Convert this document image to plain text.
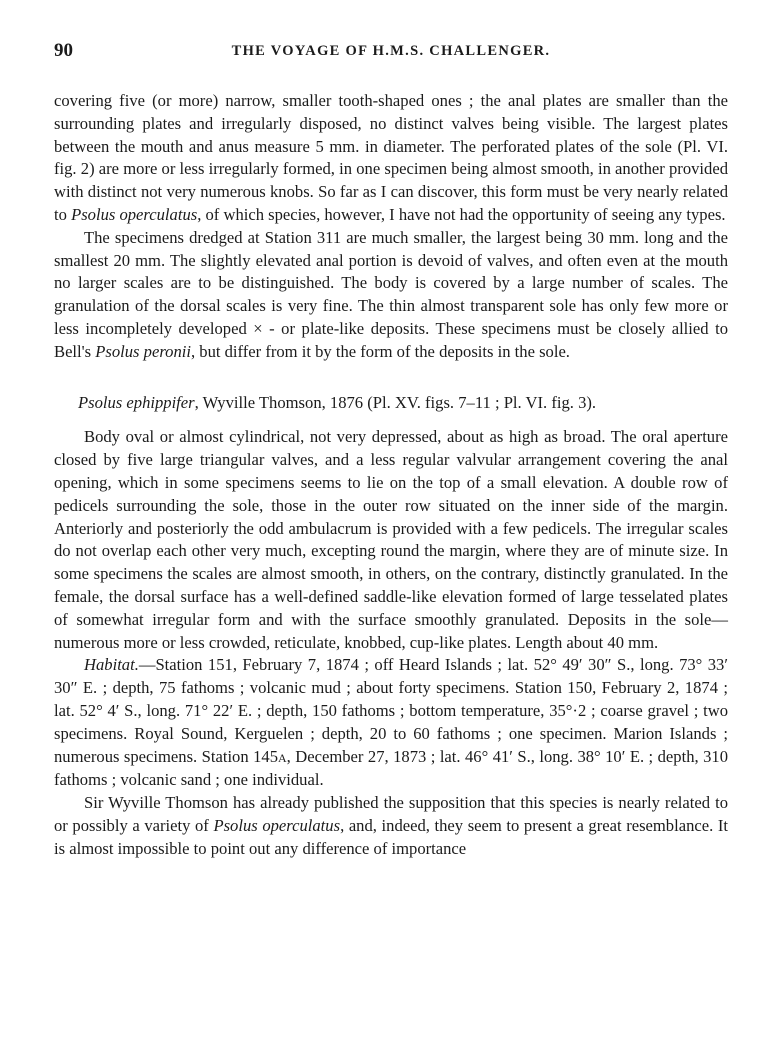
90	THE VOYAGE OF H.M.S. CHALLENGER.

covering five (or more) narrow, smaller tooth-shaped ones ; the anal plates are smaller than the surrounding plates and irregularly disposed, no distinct valves being visible. The largest plates between the mouth and anus measure 5 mm. in diameter. The perforated plates of the sole (Pl. VI. fig. 2) are more or less irregularly formed, in one specimen being almost smooth, in another provided with distinct not very numerous knobs. So far as I can discover, this form must be very nearly related to Psolus operculatus, of which species, however, I have not had the opportunity of seeing any types.

The specimens dredged at Station 311 are much smaller, the largest being 30 mm. long and the smallest 20 mm. The slightly elevated anal portion is devoid of valves, and often even at the mouth no larger scales are to be distinguished. The body is covered by a large number of scales. The granulation of the dorsal scales is very fine. The thin almost transparent sole has only few more or less incompletely developed × - or plate-like deposits. These specimens must be closely allied to Bell's Psolus peronii, but differ from it by the form of the deposits in the sole.

Psolus ephippifer, Wyville Thomson, 1876 (Pl. XV. figs. 7–11 ; Pl. VI. fig. 3).

Body oval or almost cylindrical, not very depressed, about as high as broad. The oral aperture closed by five large triangular valves, and a less regular valvular arrangement covering the anal opening, which in some specimens seems to lie on the top of a small elevation. A double row of pedicels surrounding the sole, those in the outer row situated on the inner side of the margin. Anteriorly and posteriorly the odd ambulacrum is provided with a few pedicels. The irregular scales do not overlap each other very much, excepting round the margin, where they are of minute size. In some specimens the scales are almost smooth, in others, on the contrary, distinctly granulated. In the female, the dorsal surface has a well-defined saddle-like elevation formed of large tesselated plates of somewhat irregular form and with the surface smoothly granulated. Deposits in the sole—numerous more or less crowded, reticulate, knobbed, cup-like plates. Length about 40 mm.

Habitat.—Station 151, February 7, 1874 ; off Heard Islands ; lat. 52° 49′ 30″ S., long. 73° 33′ 30″ E. ; depth, 75 fathoms ; volcanic mud ; about forty specimens. Station 150, February 2, 1874 ; lat. 52° 4′ S., long. 71° 22′ E. ; depth, 150 fathoms ; bottom temperature, 35°·2 ; coarse gravel ; two specimens. Royal Sound, Kerguelen ; depth, 20 to 60 fathoms ; one specimen. Marion Islands ; numerous specimens. Station 145A, December 27, 1873 ; lat. 46° 41′ S., long. 38° 10′ E. ; depth, 310 fathoms ; volcanic sand ; one individual.

Sir Wyville Thomson has already published the supposition that this species is nearly related to or possibly a variety of Psolus operculatus, and, indeed, they seem to present a great resemblance. It is almost impossible to point out any difference of importance
